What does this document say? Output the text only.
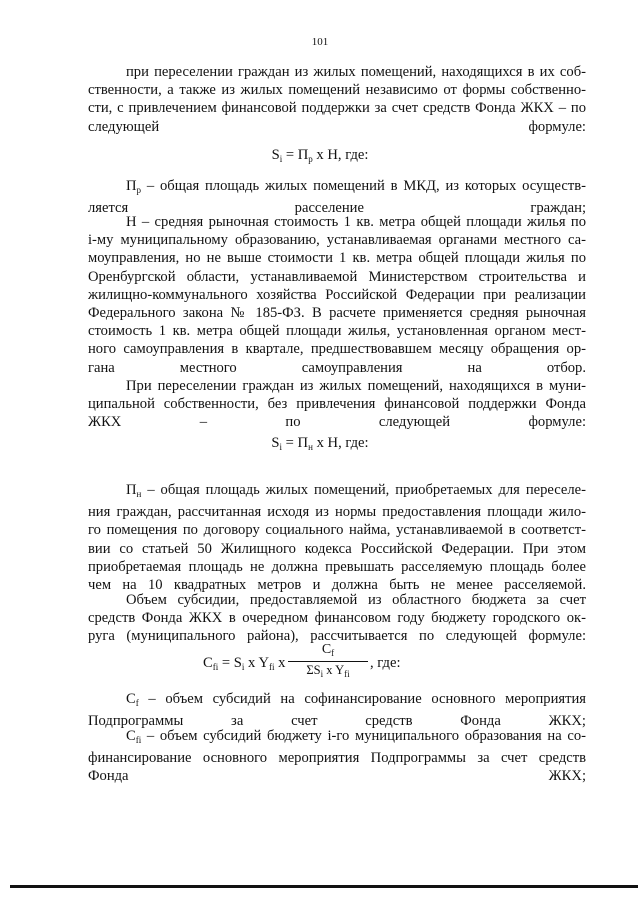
101
при переселении граждан из жилых помещений, находящихся в их соб-
ственности, а также из жилых помещений независимо от формы собственно-
сти, с привлечением финансовой поддержки за счет средств Фонда ЖКХ – по
следующей формуле:
$S_i = П_р$ x Н, где:
$П_р$ – общая площадь жилых помещений в МКД, из которых осуществ-
ляется расселение граждан;
Н – средняя рыночная стоимость 1 кв. метра общей площади жилья по
i-му муниципальному образованию, устанавливаемая органами местного са-
моуправления, но не выше стоимости 1 кв. метра общей площади жилья по
Оренбургской области, устанавливаемой Министерством строительства и
жилищно-коммунального хозяйства Российской Федерации при реализации
Федерального закона № 185-ФЗ. В расчете применяется средняя рыночная
стоимость 1 кв. метра общей площади жилья, установленная органом мест-
ного самоуправления в квартале, предшествовавшем месяцу обращения ор-
гана местного самоуправления на отбор.
При переселении граждан из жилых помещений, находящихся в муни-
ципальной собственности, без привлечения финансовой поддержки Фонда
ЖКХ – по следующей формуле:
$S_i = П_н$ x Н, где:
$П_н$ – общая площадь жилых помещений, приобретаемых для переселе-
ния граждан, рассчитанная исходя из нормы предоставления площади жило-
го помещения по договору социального найма, устанавливаемой в соответст-
вии со статьей 50 Жилищного кодекса Российской Федерации. При этом
приобретаемая площадь не должна превышать расселяемую площадь более
чем на 10 квадратных метров и должна быть не менее расселяемой.
Объем субсидии, предоставляемой из областного бюджета за счет
средств Фонда ЖКХ в очередном финансовом году бюджету городского ок-
руга (муниципального района), рассчитывается по следующей формуле:
$C_{fi} = S_i$ x $Y_{fi}$ x
$C_f$
$\Sigma S_i$ x $Y_{fi}$
, где:
$C_f$ – объем субсидий на софинансирование основного мероприятия
Подпрограммы за счет средств Фонда ЖКХ;
$C_{fi}$ – объем субсидий бюджету i-го муниципального образования на со-
финансирование основного мероприятия Подпрограммы за счет средств
Фонда ЖКХ;
